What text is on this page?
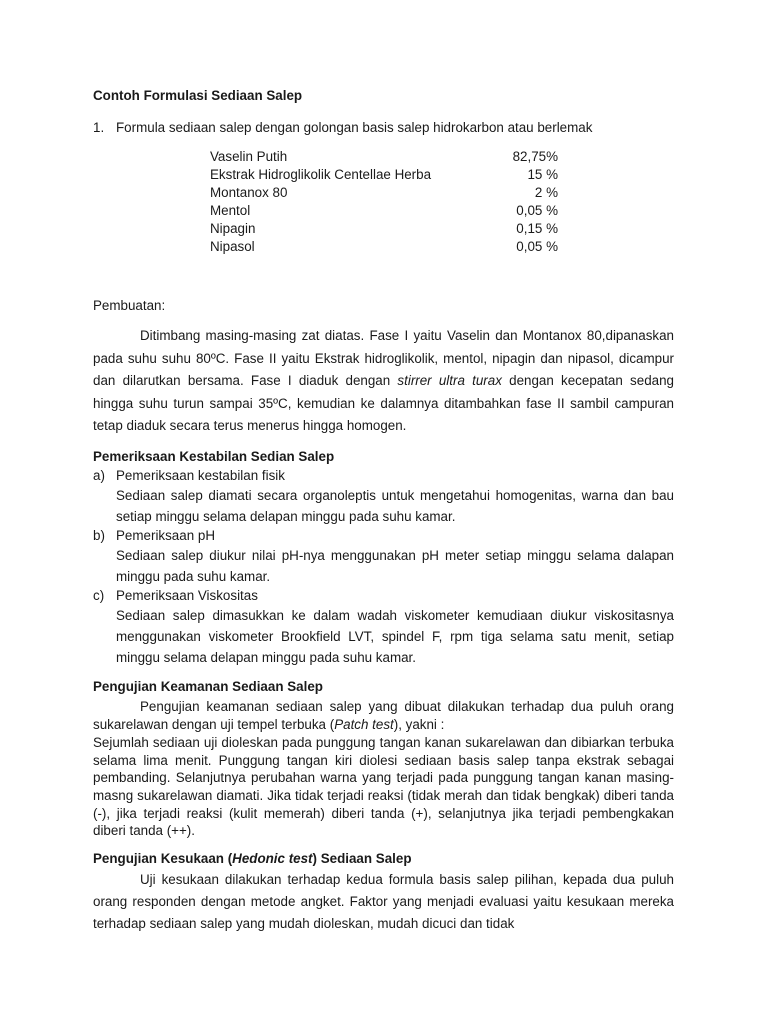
Contoh Formulasi Sediaan Salep
1. Formula sediaan salep dengan golongan basis salep hidrokarbon atau berlemak
Vaselin Putih	82,75%
Ekstrak Hidroglikolik Centellae Herba	15 %
Montanox 80	2 %
Mentol	0,05 %
Nipagin	0,15 %
Nipasol	0,05 %
Pembuatan:

Ditimbang masing-masing zat diatas. Fase I yaitu Vaselin dan Montanox 80,dipanaskan pada suhu suhu 80ºC. Fase II yaitu Ekstrak hidroglikolik, mentol, nipagin dan nipasol, dicampur dan dilarutkan bersama. Fase I diaduk dengan stirrer ultra turax dengan kecepatan sedang hingga suhu turun sampai 35ºC, kemudian ke dalamnya ditambahkan fase II sambil campuran tetap diaduk secara terus menerus hingga homogen.

Pemeriksaan Kestabilan Sedian Salep
a) Pemeriksaan kestabilan fisik
Sediaan salep diamati secara organoleptis untuk mengetahui homogenitas, warna dan bau setiap minggu selama delapan minggu pada suhu kamar.
b) Pemeriksaan pH
Sediaan salep diukur nilai pH-nya menggunakan pH meter setiap minggu selama dalapan minggu pada suhu kamar.
c) Pemeriksaan Viskositas
Sediaan salep dimasukkan ke dalam wadah viskometer kemudiaan diukur viskositasnya menggunakan viskometer Brookfield LVT, spindel F, rpm tiga selama satu menit, setiap minggu selama delapan minggu pada suhu kamar.
Pengujian Keamanan Sediaan Salep

Pengujian keamanan sediaan salep yang dibuat dilakukan terhadap dua puluh orang sukarelawan dengan uji tempel terbuka (Patch test), yakni :

Sejumlah sediaan uji dioleskan pada punggung tangan kanan sukarelawan dan dibiarkan terbuka selama lima menit. Punggung tangan kiri diolesi sediaan basis salep tanpa ekstrak sebagai pembanding. Selanjutnya perubahan warna yang terjadi pada punggung tangan kanan masing-masng sukarelawan diamati. Jika tidak terjadi reaksi (tidak merah dan tidak bengkak) diberi tanda (-), jika terjadi reaksi (kulit memerah) diberi tanda (+), selanjutnya jika terjadi pembengkakan diberi tanda (++).

Pengujian Kesukaan (Hedonic test) Sediaan Salep

Uji kesukaan dilakukan terhadap kedua formula basis salep pilihan, kepada dua puluh orang responden dengan metode angket. Faktor yang menjadi evaluasi yaitu kesukaan mereka terhadap sediaan salep yang mudah dioleskan, mudah dicuci dan tidak
